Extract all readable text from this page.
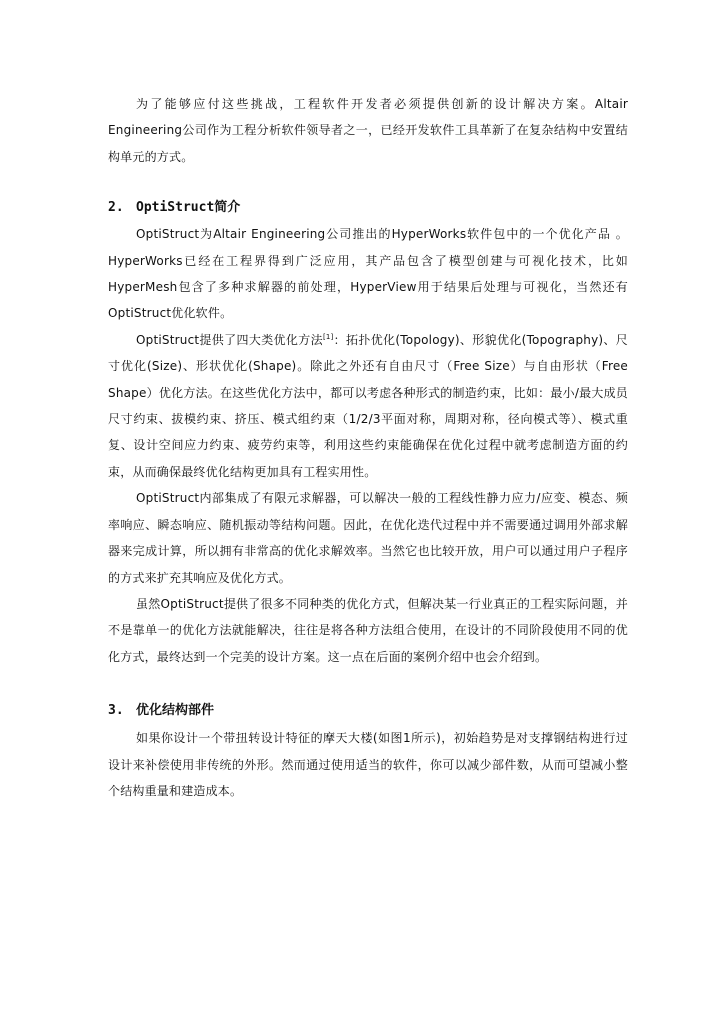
为了能够应付这些挑战，工程软件开发者必须提供创新的设计解决方案。Altair Engineering公司作为工程分析软件领导者之一，已经开发软件工具革新了在复杂结构中安置结构单元的方式。

2. OptiStruct简介

OptiStruct为Altair Engineering公司推出的HyperWorks软件包中的一个优化产品 。HyperWorks已经在工程界得到广泛应用，其产品包含了模型创建与可视化技术，比如HyperMesh包含了多种求解器的前处理，HyperView用于结果后处理与可视化，当然还有OptiStruct优化软件。

OptiStruct提供了四大类优化方法[1]：拓扑优化(Topology)、形貌优化(Topography)、尺寸优化(Size)、形状优化(Shape)。除此之外还有自由尺寸（Free Size）与自由形状（Free Shape）优化方法。在这些优化方法中，都可以考虑各种形式的制造约束，比如：最小/最大成员尺寸约束、拔模约束、挤压、模式组约束（1/2/3平面对称，周期对称，径向模式等）、模式重复、设计空间应力约束、疲劳约束等，利用这些约束能确保在优化过程中就考虑制造方面的约束，从而确保最终优化结构更加具有工程实用性。

OptiStruct内部集成了有限元求解器，可以解决一般的工程线性静力应力/应变、模态、频率响应、瞬态响应、随机振动等结构问题。因此，在优化迭代过程中并不需要通过调用外部求解器来完成计算，所以拥有非常高的优化求解效率。当然它也比较开放，用户可以通过用户子程序的方式来扩充其响应及优化方式。

虽然OptiStruct提供了很多不同种类的优化方式，但解决某一行业真正的工程实际问题，并不是靠单一的优化方法就能解决，往往是将各种方法组合使用，在设计的不同阶段使用不同的优化方式，最终达到一个完美的设计方案。这一点在后面的案例介绍中也会介绍到。

3. 优化结构部件

如果你设计一个带扭转设计特征的摩天大楼(如图1所示)，初始趋势是对支撑钢结构进行过设计来补偿使用非传统的外形。然而通过使用适当的软件，你可以减少部件数，从而可望减小整个结构重量和建造成本。
